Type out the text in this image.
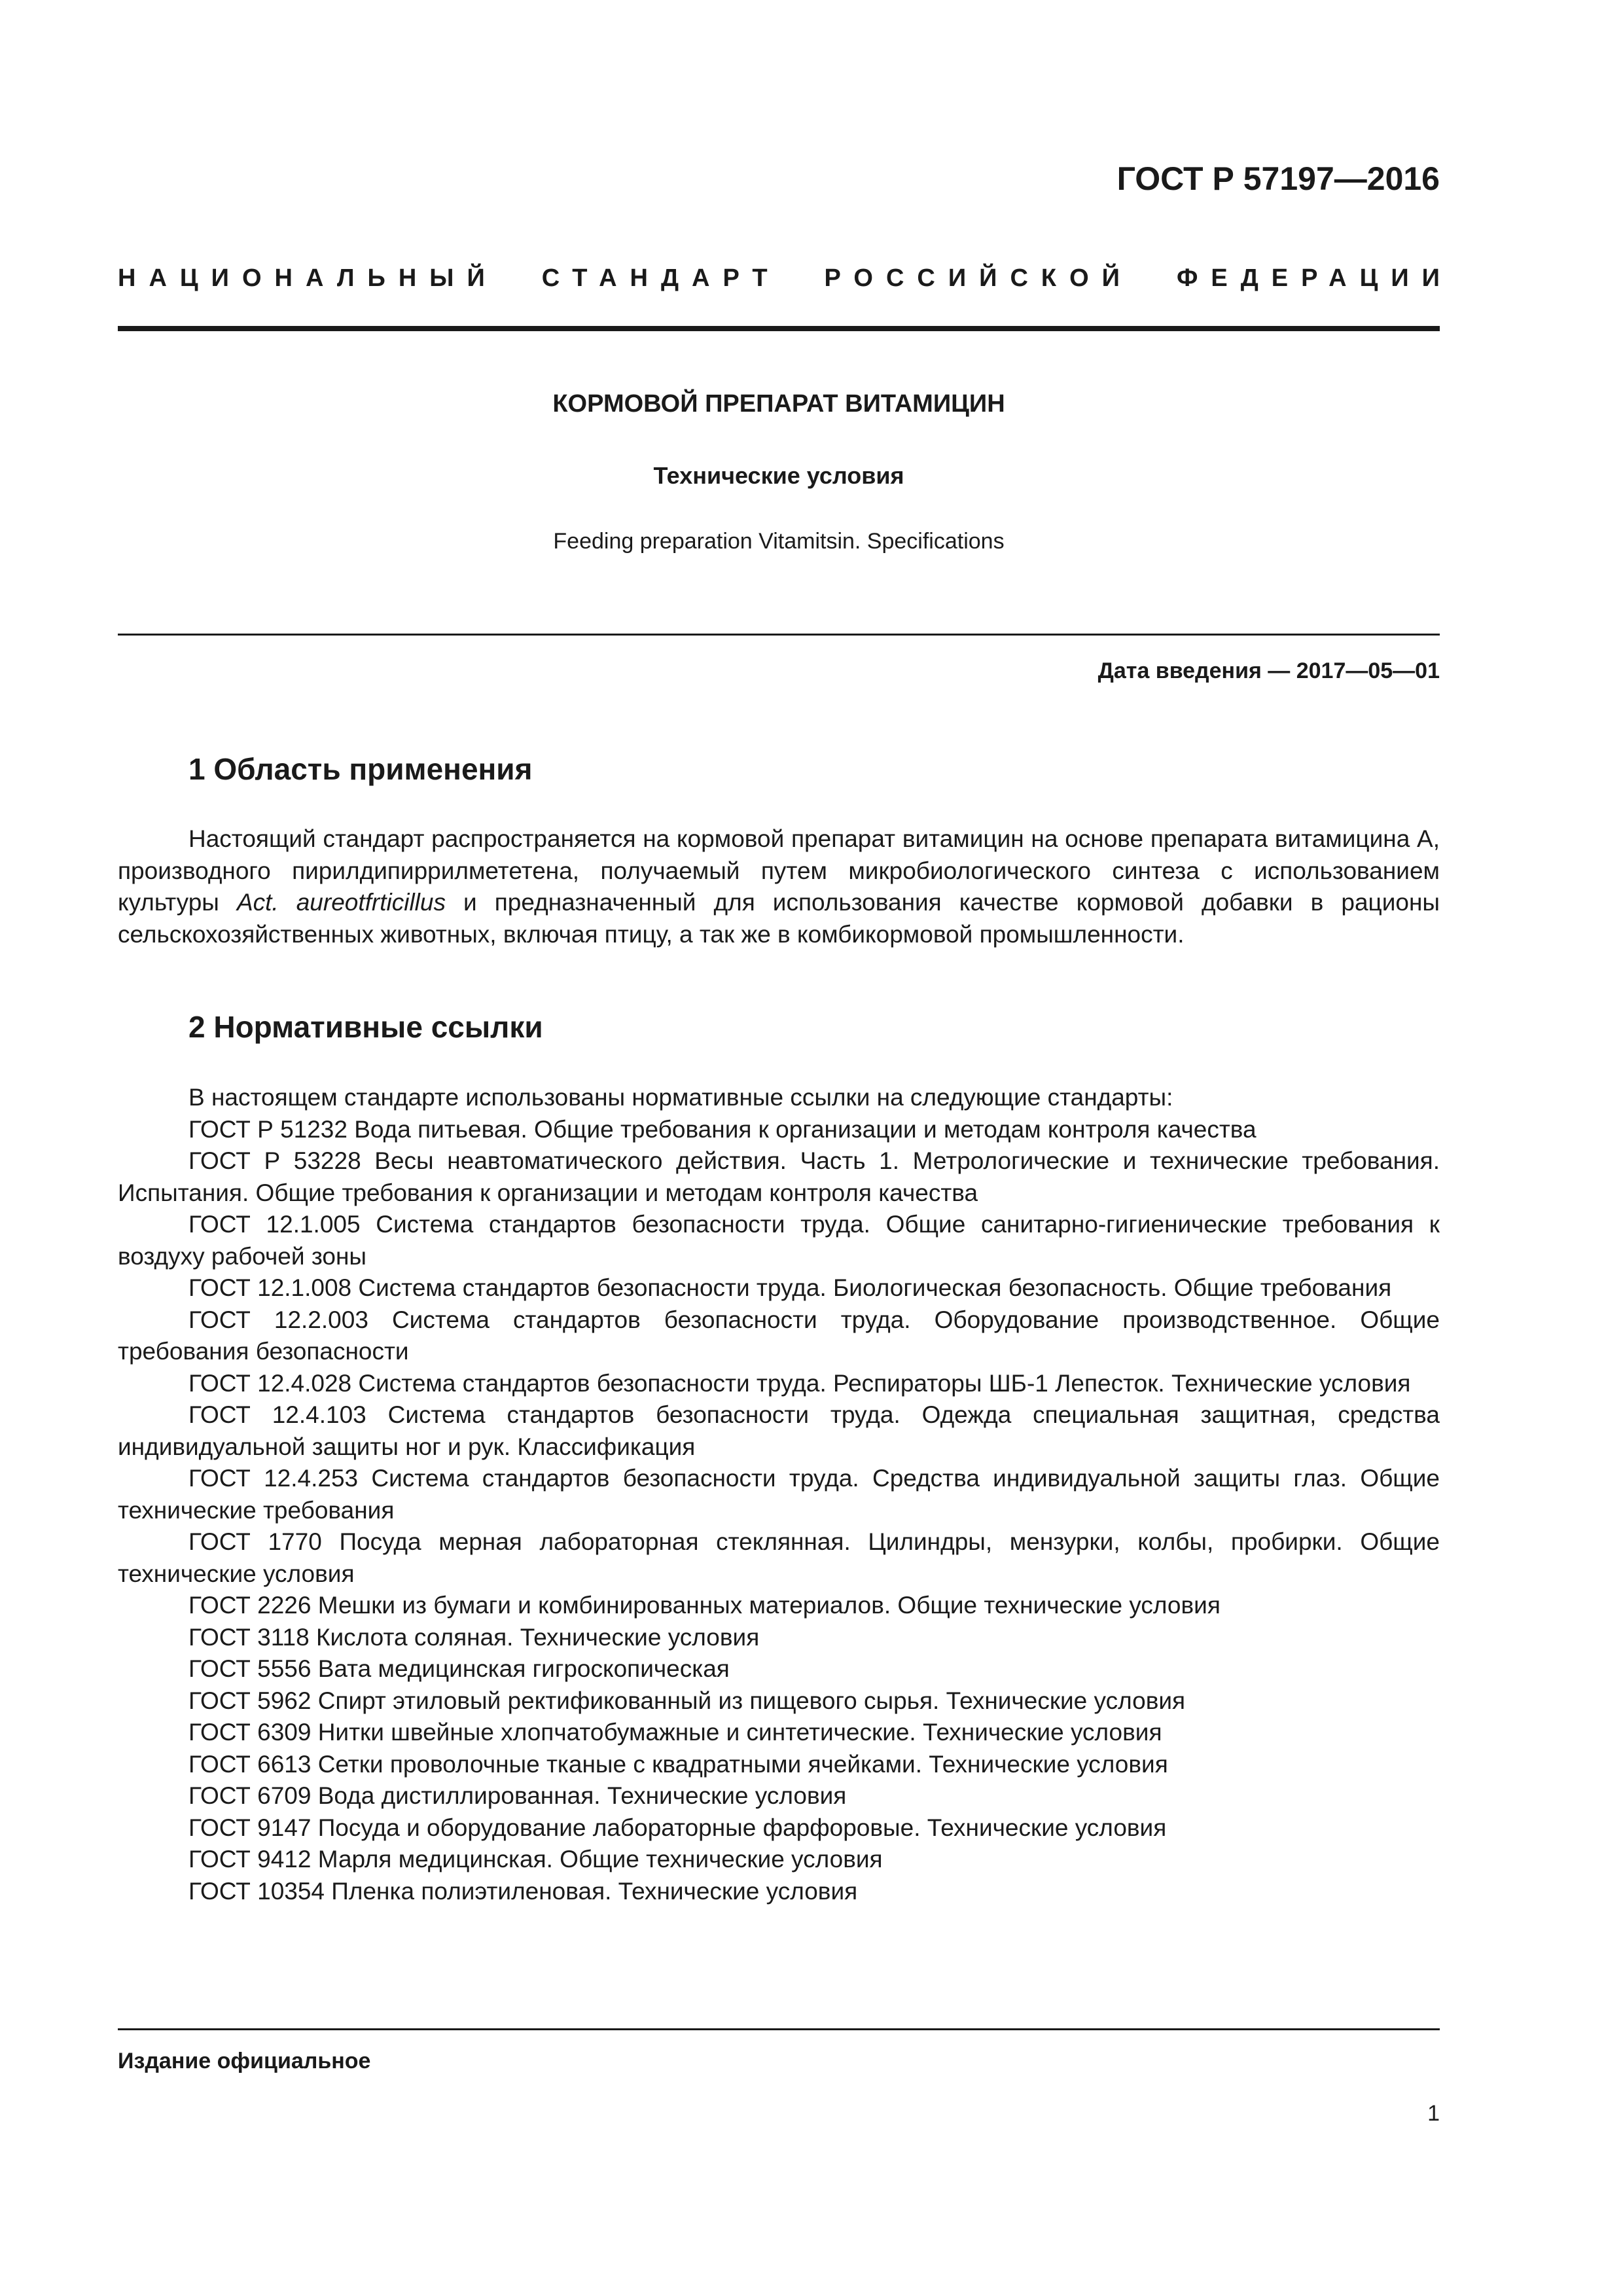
ГОСТ Р 57197—2016
НАЦИОНАЛЬНЫЙ СТАНДАРТ РОССИЙСКОЙ ФЕДЕРАЦИИ
КОРМОВОЙ ПРЕПАРАТ ВИТАМИЦИН
Технические условия
Feeding preparation Vitamitsin. Specifications
Дата введения — 2017—05—01
1 Область применения
Настоящий стандарт распространяется на кормовой препарат витамицин на основе препарата витамицина А, производного пирилдипиррилмететена, получаемый путем микробиологического синтеза с использованием культуры Act. aureotfrticillus и предназначенный для использования качестве кормовой добавки в рационы сельскохозяйственных животных, включая птицу, а так же в комбикормовой промышленности.
2 Нормативные ссылки

В настоящем стандарте использованы нормативные ссылки на следующие стандарты:

ГОСТ Р 51232 Вода питьевая. Общие требования к организации и методам контроля качества

ГОСТ Р 53228 Весы неавтоматического действия. Часть 1. Метрологические и технические требования. Испытания. Общие требования к организации и методам контроля качества

ГОСТ 12.1.005 Система стандартов безопасности труда. Общие санитарно-гигиенические требования к воздуху рабочей зоны

ГОСТ 12.1.008 Система стандартов безопасности труда. Биологическая безопасность. Общие требования

ГОСТ 12.2.003 Система стандартов безопасности труда. Оборудование производственное. Общие требования безопасности

ГОСТ 12.4.028 Система стандартов безопасности труда. Респираторы ШБ-1 Лепесток. Технические условия

ГОСТ 12.4.103 Система стандартов безопасности труда. Одежда специальная защитная, средства индивидуальной защиты ног и рук. Классификация

ГОСТ 12.4.253 Система стандартов безопасности труда. Средства индивидуальной защиты глаз. Общие технические требования

ГОСТ 1770 Посуда мерная лабораторная стеклянная. Цилиндры, мензурки, колбы, пробирки. Общие технические условия

ГОСТ 2226 Мешки из бумаги и комбинированных материалов. Общие технические условия

ГОСТ 3118 Кислота соляная. Технические условия

ГОСТ 5556 Вата медицинская гигроскопическая

ГОСТ 5962 Спирт этиловый ректификованный из пищевого сырья. Технические условия

ГОСТ 6309 Нитки швейные хлопчатобумажные и синтетические. Технические условия

ГОСТ 6613 Сетки проволочные тканые с квадратными ячейками. Технические условия

ГОСТ 6709 Вода дистиллированная. Технические условия

ГОСТ 9147 Посуда и оборудование лабораторные фарфоровые. Технические условия

ГОСТ 9412 Марля медицинская. Общие технические условия

ГОСТ 10354 Пленка полиэтиленовая. Технические условия

Издание официальное
1
